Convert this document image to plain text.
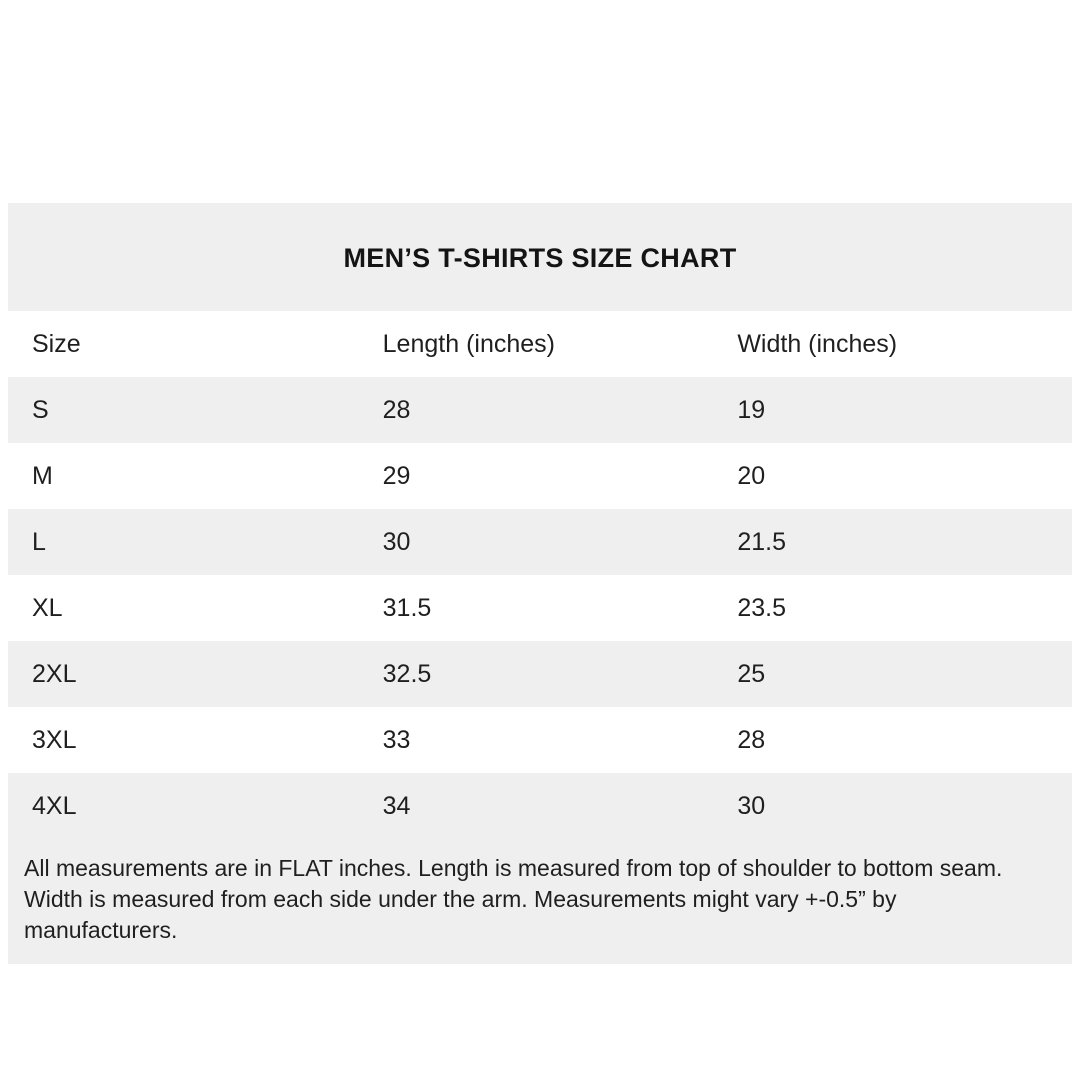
MEN’S T-SHIRTS SIZE CHART		
Size	Length (inches)	Width (inches)
S	28	19
M	29	20
L	30	21.5
XL	31.5	23.5
2XL	32.5	25
3XL	33	28
4XL	34	30
All measurements are in FLAT inches. Length is measured from top of shoulder to bottom seam.
Width is measured from each side under the arm. Measurements might vary +-0.5” by manufacturers.
